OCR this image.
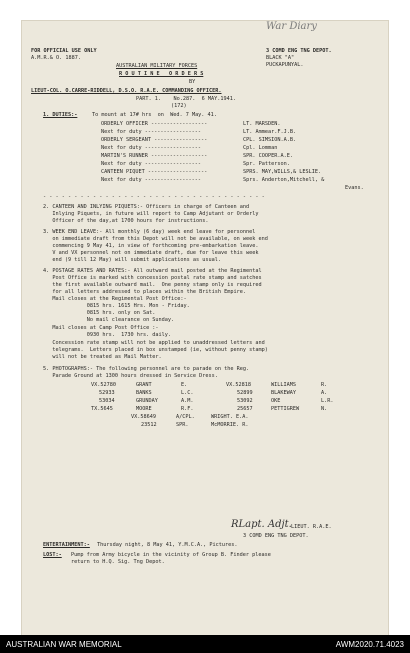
War Diary
FOR OFFICIAL USE ONLY
A.M.R.& O. 1887.
3 COMD ENG TNG DEPOT.
BLACK "A"
PUCKAPUNYAL.
AUSTRALIAN MILITARY FORCES
R O U T I N E   O R D E R S
BY
LIEUT-COL. O.CARRE-RIDDELL, D.S.O. R.A.E. COMMANDING OFFICER.
PART. 1.    No.287.  6 MAY.1941.
(172)
1. DUTIES:-	To mount at 17# hrs  on  Wed. 7 May. 41.
ORDERLY OFFICER ------------------	LT. MARSDEN.
Next for duty ------------------	LT. Ammear.F.J.B.
ORDERLY SERGEANT -----------------	CPL. SIMSION.A.B.
Next for duty ------------------	Cpl. Lomman
MARTIN'S RUNNER ------------------	SPR. COOPER.A.E.
Next for duty ------------------	Spr. Patterson.
CANTEEN PIQUET -------------------	SPRS. MAY,WILLS,& LESLIE.
Next for duty ------------------	Sprs. Anderton,Mitchell, &
Evans.
- - - - - - - - - - - - - - - - - - - - - - - - - - - - - - - - - - - -
2. CANTEEN AND INLYING PIQUETS:- Officers in charge of Canteen and
Inlying Piquets, in future will report to Camp Adjutant or Orderly
Officer of the day,at 1700 hours for instructions.
3. WEEK END LEAVE:- All monthly (6 day) week end leave for personnel
on immediate draft from this Depot will not be available, on week end
commencing 9 May 41, in view of forthcoming pre-embarkation leave.
V and VX personnel not on immediate draft, due for leave this week
end (9 till 12 May) will submit applications as usual.
4. POSTAGE RATES AND RATES:- All outward mail posted at the Regimental
Post Office is marked with concession postal rate stamp and satches
the first available outward mail.  One penny stamp only is required
for all letters addressed to places within the British Empire.
Mail closes at the Regimental Post Office:-
0815 hrs. 1615 Hrs. Mon - Friday.
0815 hrs. only on Sat.
No mail clearance on Sunday.
Mail closes at Camp Post Office :-
0930 hrs.  1730 hrs. daily.
Concession rate stamp will not be applied to unaddressed letters and
telegrams.  Letters placed in box unstamped (ie, without penny stamp)
will not be treated as Mail Matter.
5. PHOTOGRAPHS:- The following personnel are to parade on the Reg.
Parade Ground at 1300 hours dressed in Service Dress.
VX.52780	GRANT	E.	VX.52818	WILLIAMS	R.
52933	BANKS	L.C.	52899	BLAKEWAY	A.
53034	GRUNDAY	A.M.	53092	OKE	L.R.
TX.5645	MOORE	R.F.	25657	PETTIGREW	N.
VX.58649	A/CPL.	WRIGHT. E.A.
23512	SPR.	McMORRIE. R.
RLapt. Adjt. LIEUT. R.A.E.
3 COMD ENG TNG DEPOT.
ENTERTAINMENT:- Thursday night, 8 May 41, Y.M.C.A., Pictures.
LOST:- Pump from Army bicycle in the vicinity of Group B. Finder please
return to H.Q. Sig. Tng Depot.
AUSTRALIAN WAR MEMORIAL	AWM2020.71.4023
